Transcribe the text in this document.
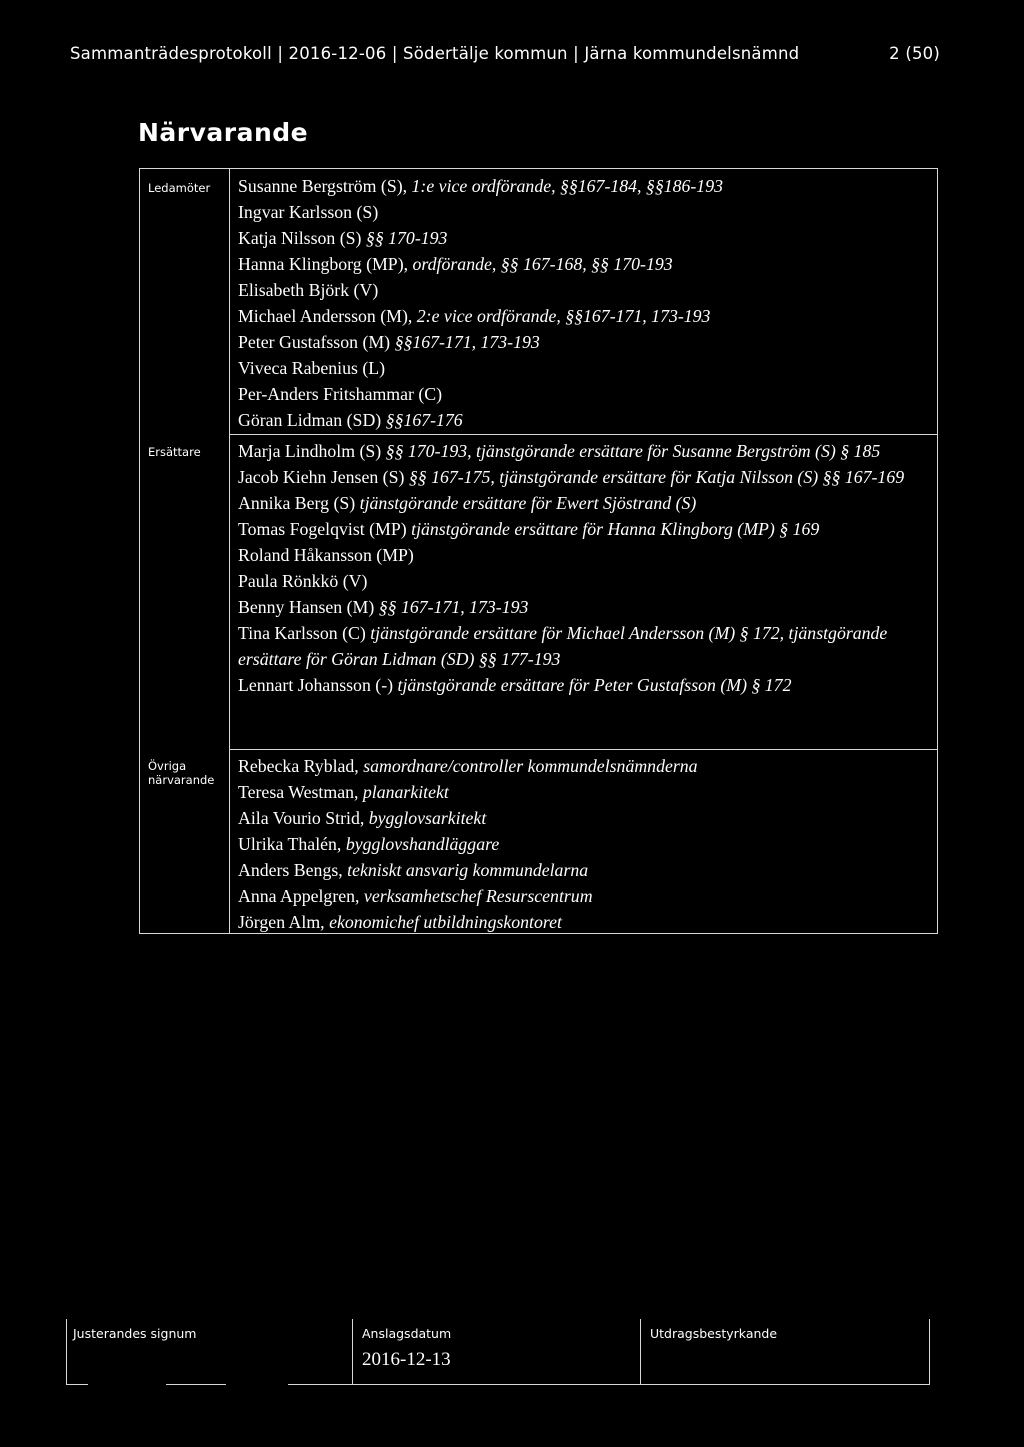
Sammanträdesprotokoll | 2016-12-06 | Södertälje kommun | Järna kommundelsnämnd	2 (50)
Närvarande
Ledamöter Susanne Bergström (S), 1:e vice ordförande, §§167-184, §§186-193
Ingvar Karlsson (S)
Katja Nilsson (S) §§ 170-193
Hanna Klingborg (MP), ordförande, §§ 167-168, §§ 170-193
Elisabeth Björk (V)
Michael Andersson (M), 2:e vice ordförande, §§167-171, 173-193
Peter Gustafsson (M) §§167-171, 173-193
Viveca Rabenius (L)
Per-Anders Fritshammar (C)
Göran Lidman (SD) §§167-176
Ersättare Marja Lindholm (S) §§ 170-193, tjänstgörande ersättare för Susanne Bergström (S) § 185
Jacob Kiehn Jensen (S) §§ 167-175, tjänstgörande ersättare för Katja Nilsson (S) §§ 167-169
Annika Berg (S) tjänstgörande ersättare för Ewert Sjöstrand (S)
Tomas Fogelqvist (MP) tjänstgörande ersättare för Hanna Klingborg (MP) § 169
Roland Håkansson (MP)
Paula Rönkkö (V)
Benny Hansen (M) §§ 167-171, 173-193
Tina Karlsson (C) tjänstgörande ersättare för Michael Andersson (M) § 172, tjänstgörande ersättare för Göran Lidman (SD) §§ 177-193
Lennart Johansson (-) tjänstgörande ersättare för Peter Gustafsson (M) § 172
Övriga närvarande
Rebecka Ryblad, samordnare/controller kommundelsnämnderna
Teresa Westman, planarkitekt
Aila Vourio Strid, bygglovsarkitekt
Ulrika Thalén, bygglovshandläggare
Anders Bengs, tekniskt ansvarig kommundelarna
Anna Appelgren, verksamhetschef Resurscentrum
Jörgen Alm, ekonomichef utbildningskontoret
Justerandes signum	Anslagsdatum
2016-12-13
Utdragsbestyrkande
